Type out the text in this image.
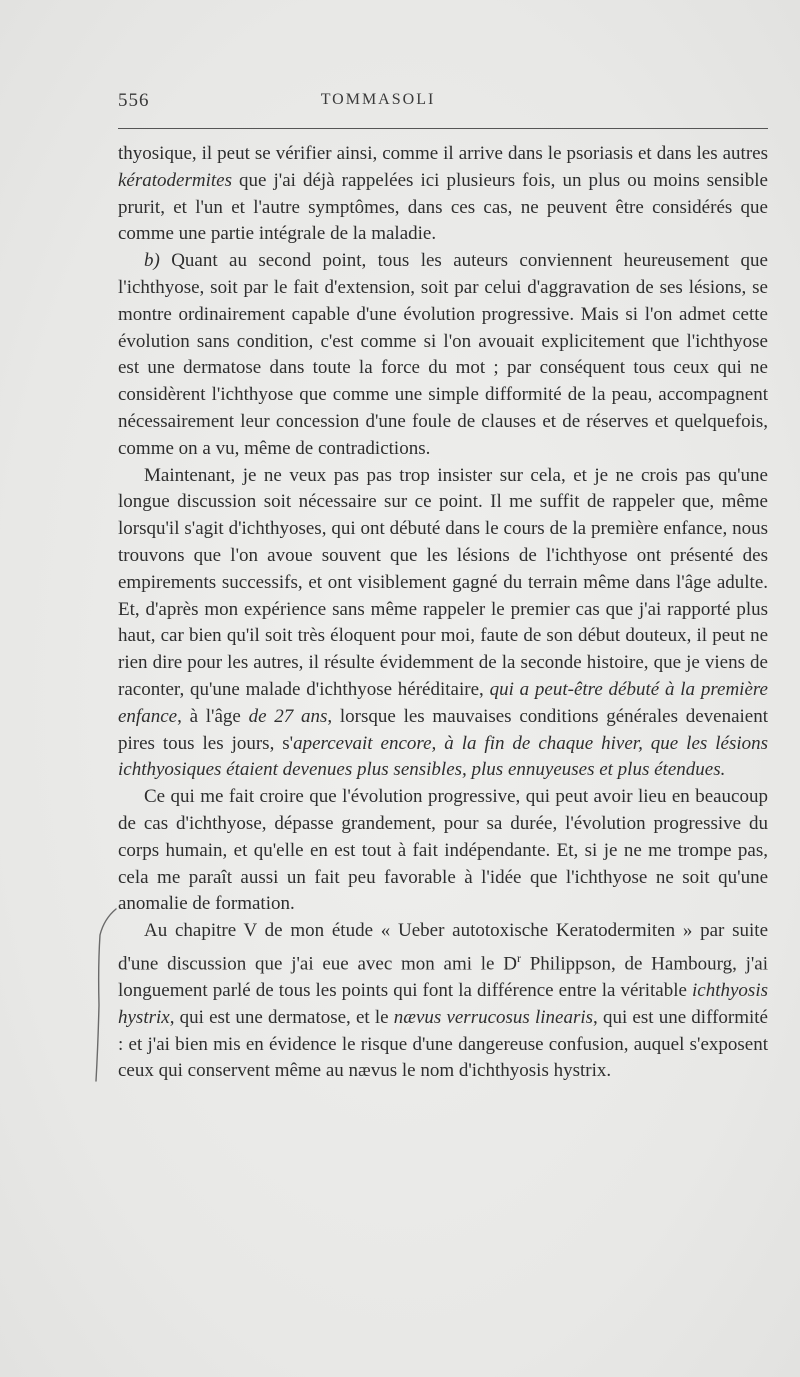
556	TOMMASOLI

thyosique, il peut se vérifier ainsi, comme il arrive dans le psoriasis et dans les autres kératodermites que j'ai déjà rappelées ici plusieurs fois, un plus ou moins sensible prurit, et l'un et l'autre symptômes, dans ces cas, ne peuvent être considérés que comme une partie intégrale de la maladie.

b) Quant au second point, tous les auteurs conviennent heureusement que l'ichthyose, soit par le fait d'extension, soit par celui d'aggravation de ses lésions, se montre ordinairement capable d'une évolution progressive. Mais si l'on admet cette évolution sans condition, c'est comme si l'on avouait explicitement que l'ichthyose est une dermatose dans toute la force du mot ; par conséquent tous ceux qui ne considèrent l'ichthyose que comme une simple difformité de la peau, accompagnent nécessairement leur concession d'une foule de clauses et de réserves et quelquefois, comme on a vu, même de contradictions.

Maintenant, je ne veux pas pas trop insister sur cela, et je ne crois pas qu'une longue discussion soit nécessaire sur ce point. Il me suffit de rappeler que, même lorsqu'il s'agit d'ichthyoses, qui ont débuté dans le cours de la première enfance, nous trouvons que l'on avoue souvent que les lésions de l'ichthyose ont présenté des empirements successifs, et ont visiblement gagné du terrain même dans l'âge adulte. Et, d'après mon expérience sans même rappeler le premier cas que j'ai rapporté plus haut, car bien qu'il soit très éloquent pour moi, faute de son début douteux, il peut ne rien dire pour les autres, il résulte évidemment de la seconde histoire, que je viens de raconter, qu'une malade d'ichthyose héréditaire, qui a peut-être débuté à la première enfance, à l'âge de 27 ans, lorsque les mauvaises conditions générales devenaient pires tous les jours, s'apercevait encore, à la fin de chaque hiver, que les lésions ichthyosiques étaient devenues plus sensibles, plus ennuyeuses et plus étendues.

Ce qui me fait croire que l'évolution progressive, qui peut avoir lieu en beaucoup de cas d'ichthyose, dépasse grandement, pour sa durée, l'évolution progressive du corps humain, et qu'elle en est tout à fait indépendante. Et, si je ne me trompe pas, cela me paraît aussi un fait peu favorable à l'idée que l'ichthyose ne soit qu'une anomalie de formation.

Au chapitre V de mon étude « Ueber autotoxische Keratodermiten » par suite d'une discussion que j'ai eue avec mon ami le $D^r$ Philippson, de Hambourg, j'ai longuement parlé de tous les points qui font la différence entre la véritable ichthyosis hystrix, qui est une dermatose, et le nævus verrucosus linearis, qui est une difformité : et j'ai bien mis en évidence le risque d'une dangereuse confusion, auquel s'exposent ceux qui conservent même au nævus le nom d'ichthyosis hystrix.
